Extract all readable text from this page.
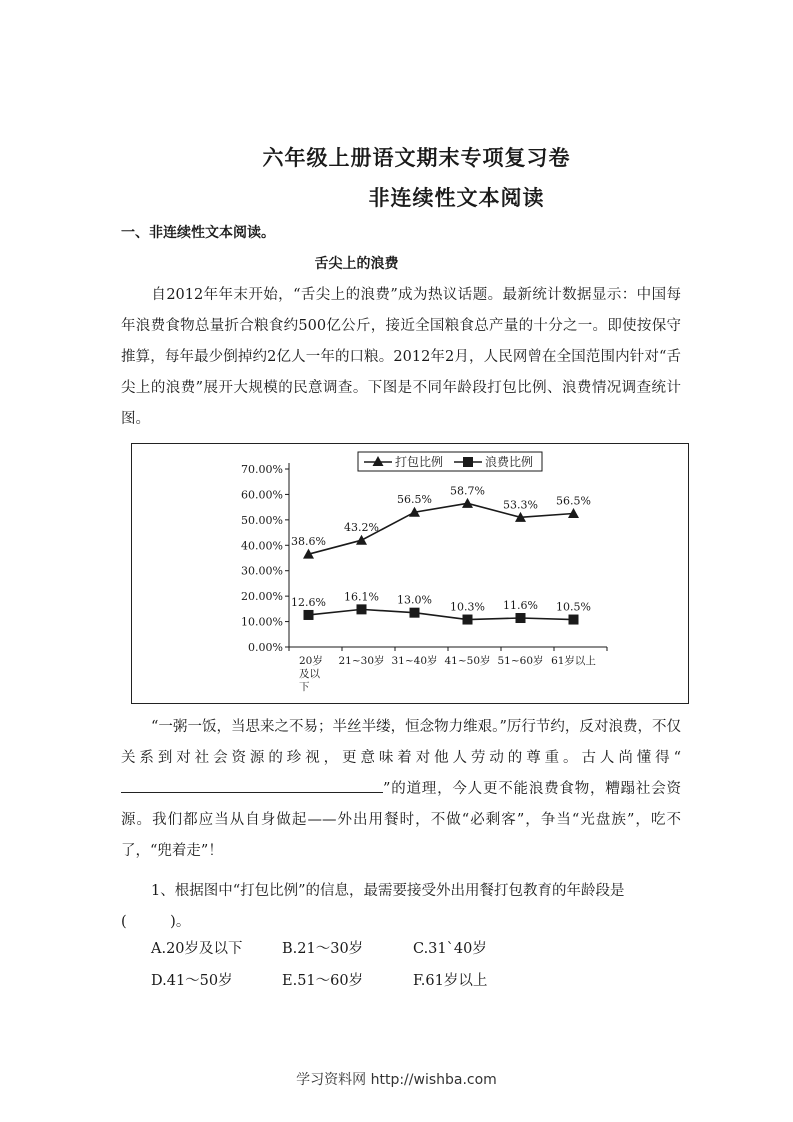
六年级上册语文期末专项复习卷
非连续性文本阅读
一、非连续性文本阅读。
舌尖上的浪费
自2012年年末开始，“舌尖上的浪费”成为热议话题。最新统计数据显示：中国每年浪费食物总量折合粮食约500亿公斤，接近全国粮食总产量的十分之一。即使按保守推算，每年最少倒掉约2亿人一年的口粮。2012年2月，人民网曾在全国范围内针对“舌尖上的浪费”展开大规模的民意调查。下图是不同年龄段打包比例、浪费情况调查统计图。
0.00%
10.00%
20.00%
30.00%
40.00%
50.00%
60.00%
70.00%
20岁
及以
下
21~30岁 31~40岁 41~50岁 51~60岁 61岁以上
38.6%
43.2%
56.5%
58.7%
53.3% 56.5%
12.6% 16.1% 13.0%
10.3% 11.6% 10.5%
打包比例	浪费比例
“一粥一饭，当思来之不易；半丝半缕，恒念物力维艰。”厉行节约，反对浪费，不仅关系到对社会资源的珍视，更意味着对他人劳动的尊重。古人尚懂得“”的道理，今人更不能浪费食物，糟蹋社会资源。我们都应当从自身做起——外出用餐时，不做“必剩客”，争当“光盘族”，吃不了，“兜着走”！
1、根据图中“打包比例”的信息，最需要接受外出用餐打包教育的年龄段是(　　　)。
A.20岁及以下	B.21～30岁	C.31`40岁
D.41～50岁	E.51～60岁	F.61岁以上
学习资料网 http://wishba.com
